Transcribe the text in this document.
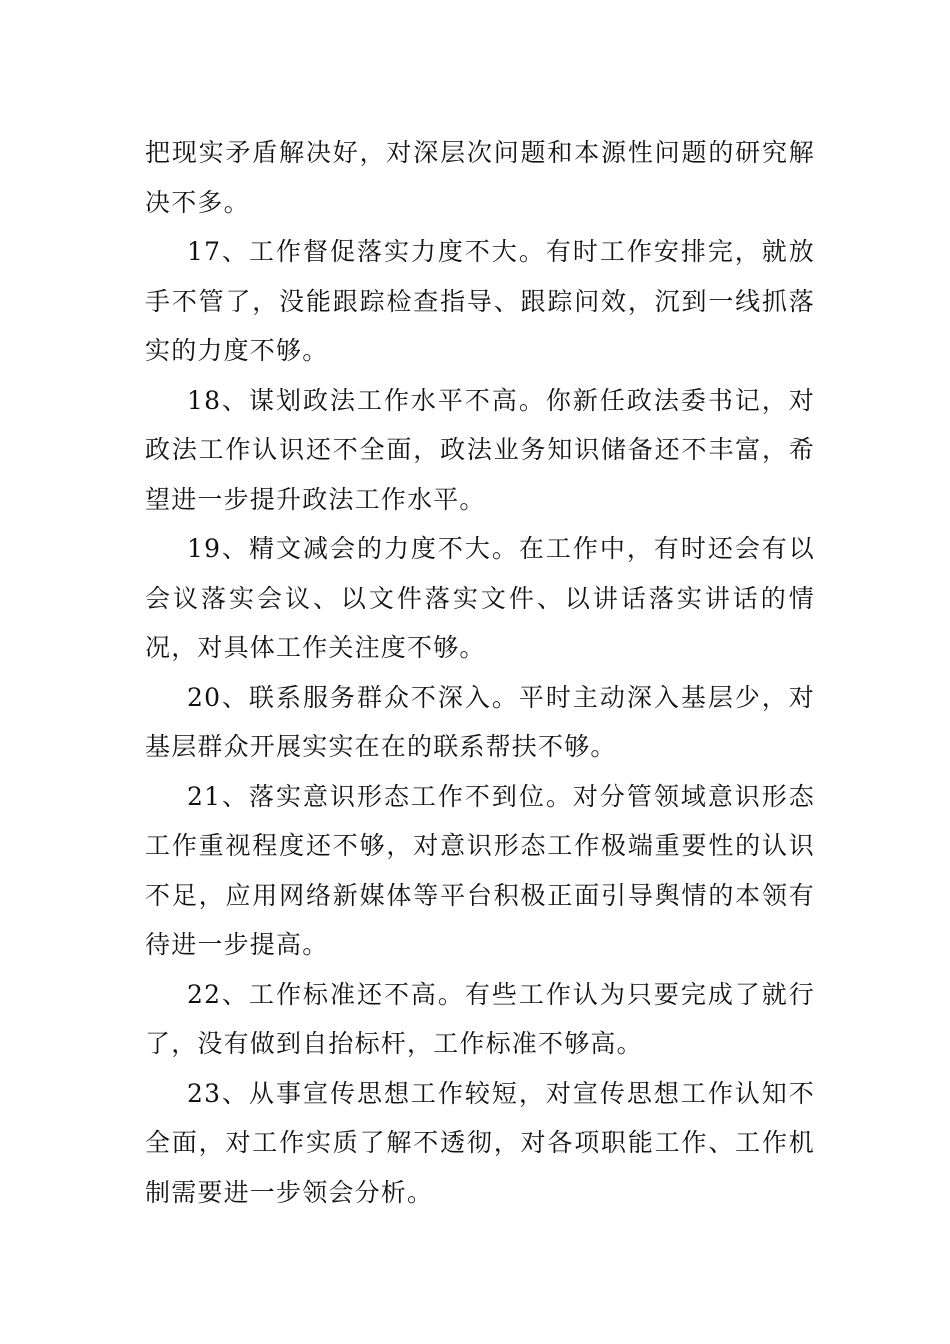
把现实矛盾解决好，对深层次问题和本源性问题的研究解决不多。

17、工作督促落实力度不大。有时工作安排完，就放手不管了，没能跟踪检查指导、跟踪问效，沉到一线抓落实的力度不够。

18、谋划政法工作水平不高。你新任政法委书记，对政法工作认识还不全面，政法业务知识储备还不丰富，希望进一步提升政法工作水平。

19、精文减会的力度不大。在工作中，有时还会有以会议落实会议、以文件落实文件、以讲话落实讲话的情况，对具体工作关注度不够。

20、联系服务群众不深入。平时主动深入基层少，对基层群众开展实实在在的联系帮扶不够。

21、落实意识形态工作不到位。对分管领域意识形态工作重视程度还不够，对意识形态工作极端重要性的认识不足，应用网络新媒体等平台积极正面引导舆情的本领有待进一步提高。

22、工作标准还不高。有些工作认为只要完成了就行了，没有做到自抬标杆，工作标准不够高。

23、从事宣传思想工作较短，对宣传思想工作认知不全面，对工作实质了解不透彻，对各项职能工作、工作机制需要进一步领会分析。
